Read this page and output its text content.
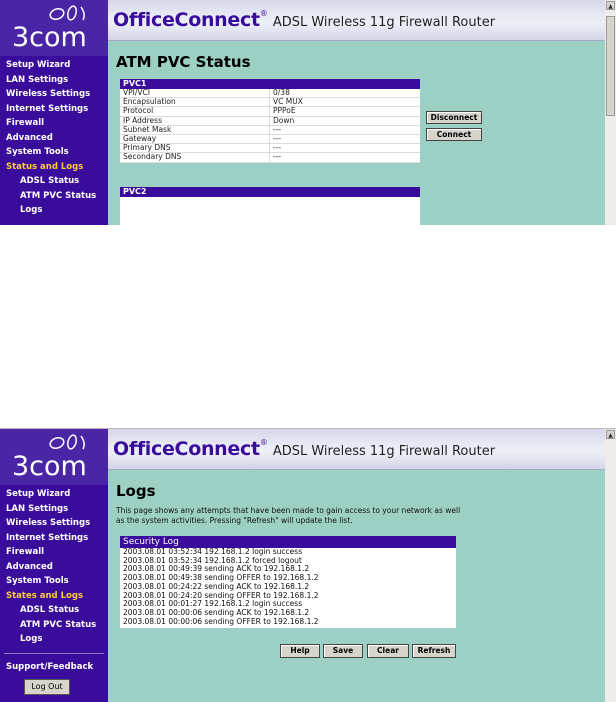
3com
Setup Wizard
LAN Settings
Wireless Settings
Internet Settings
Firewall
Advanced
System Tools
Status and Logs
ADSL Status
ATM PVC Status
Logs
OfficeConnect® ADSL Wireless 11g Firewall Router
ATM PVC Status
PVC1
VPI/VCI	0/38
Encapsulation	VC MUX
Protocol	PPPoE
IP Address	Down
Subnet Mask	---
Gateway	---
Primary DNS	---
Secondary DNS	---
PVC2
Disconnect
Connect
▲
3com
Setup Wizard
LAN Settings
Wireless Settings
Internet Settings
Firewall
Advanced
System Tools
States and Logs
ADSL Status
ATM PVC Status
Logs
Support/Feedback
Log Out
OfficeConnect® ADSL Wireless 11g Firewall Router
Logs
This page shows any attempts that have been made to gain access to your network as well as the system activities. Pressing "Refresh" will update the list.
Security Log
2003.08.01 03:52:34 192.168.1.2 login success
2003.08.01 03:52:34 192.168.1.2 forced logout
2003.08.01 00:49:39 sending ACK to 192.168.1.2
2003.08.01 00:49:38 sending OFFER to 192.168.1.2
2003.08.01 00:24:22 sending ACK to 192.168.1.2
2003.08.01 00:24:20 sending OFFER to 192.168.1.2
2003.08.01 00:01:27 192.168.1.2 login success
2003.08.01 00:00:06 sending ACK to 192.168.1.2
2003.08.01 00:00:06 sending OFFER to 192.168.1.2
Help	Save	Clear	Refresh
▲
